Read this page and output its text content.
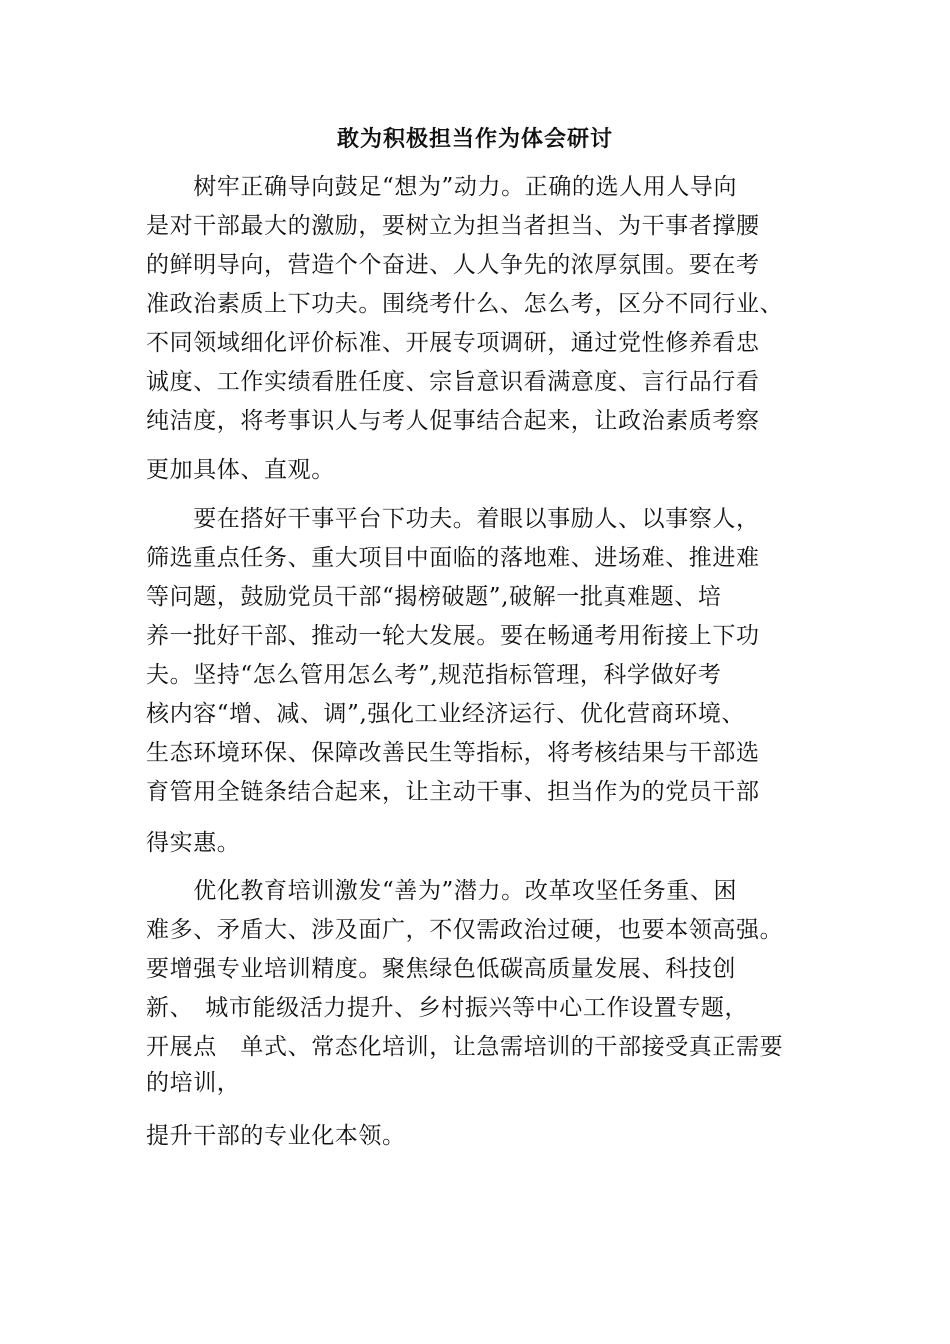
敢为积极担当作为体会研讨
　　树牢正确导向鼓足“想为”动力。正确的选人用人导向
是对干部最大的激励，要树立为担当者担当、为干事者撑腰
的鲜明导向，营造个个奋进、人人争先的浓厚氛围。要在考
准政治素质上下功夫。围绕考什么、怎么考，区分不同行业、
不同领域细化评价标准、开展专项调研，通过党性修养看忠
诚度、工作实绩看胜任度、宗旨意识看满意度、言行品行看
纯洁度，将考事识人与考人促事结合起来，让政治素质考察
更加具体、直观。
　　要在搭好干事平台下功夫。着眼以事励人、以事察人，
筛选重点任务、重大项目中面临的落地难、进场难、推进难
等问题，鼓励党员干部“揭榜破题”,破解一批真难题、培
养一批好干部、推动一轮大发展。要在畅通考用衔接上下功
夫。坚持“怎么管用怎么考”,规范指标管理，科学做好考
核内容“增、减、调”,强化工业经济运行、优化营商环境、
生态环境环保、保障改善民生等指标，将考核结果与干部选
育管用全链条结合起来，让主动干事、担当作为的党员干部
得实惠。
　　优化教育培训激发“善为”潜力。改革攻坚任务重、困
难多、矛盾大、涉及面广，不仅需政治过硬，也要本领高强。
要增强专业培训精度。聚焦绿色低碳高质量发展、科技创
新、　城市能级活力提升、乡村振兴等中心工作设置专题，
开展点　单式、常态化培训，让急需培训的干部接受真正需要
的培训，
提升干部的专业化本领。
